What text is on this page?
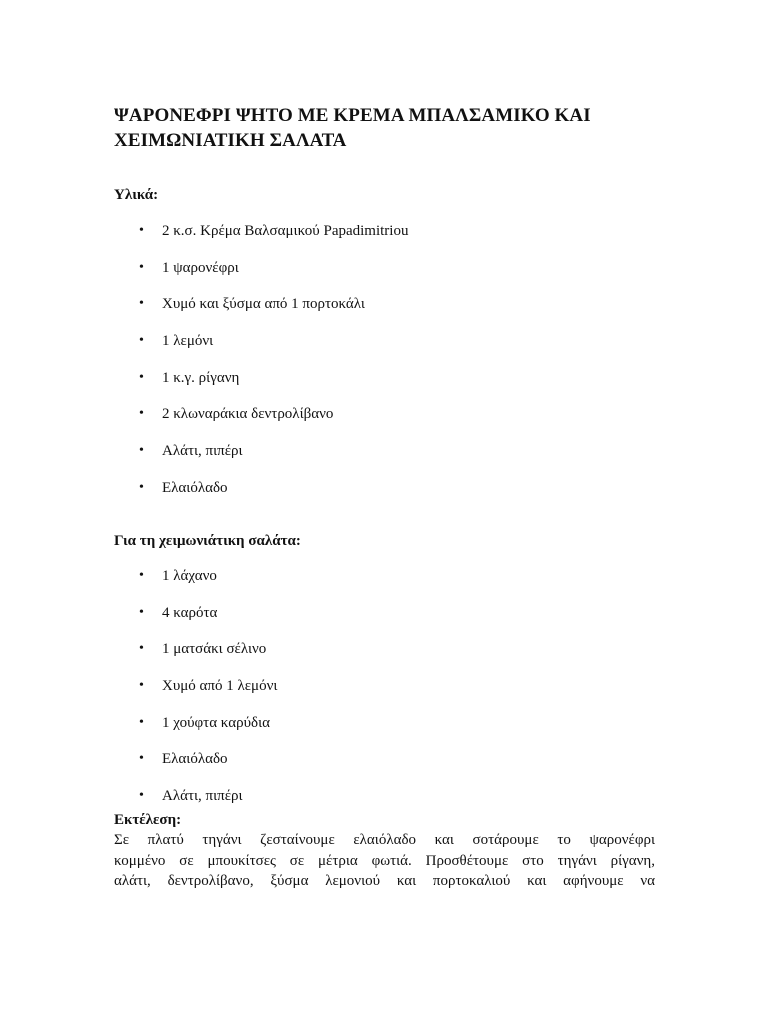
ΨΑΡΟΝΕΦΡΙ ΨΗΤΟ ΜΕ ΚΡΕΜΑ ΜΠΑΛΣΑΜΙΚΟ ΚΑΙ
ΧΕΙΜΩΝΙΑΤΙΚΗ ΣΑΛΑΤΑ
Υλικά:
• 2 κ.σ. Κρέμα Βαλσαμικού Papadimitriou
• 1 ψαρονέφρι
• Χυμό και ξύσμα από 1 πορτοκάλι
• 1 λεμόνι
• 1 κ.γ. ρίγανη
• 2 κλωναράκια δεντρολίβανο
• Αλάτι, πιπέρι
• Ελαιόλαδο
Για τη χειμωνιάτικη σαλάτα:
• 1 λάχανο
• 4 καρότα
• 1 ματσάκι σέλινο
• Χυμό από 1 λεμόνι
• 1 χούφτα καρύδια
• Ελαιόλαδο
• Αλάτι, πιπέρι
Εκτέλεση:
Σε πλατύ τηγάνι ζεσταίνουμε ελαιόλαδο και σοτάρουμε το ψαρονέφρι
κομμένο σε μπουκίτσες σε μέτρια φωτιά. Προσθέτουμε στο τηγάνι ρίγανη,
αλάτι, δεντρολίβανο, ξύσμα λεμονιού και πορτοκαλιού και αφήνουμε να
